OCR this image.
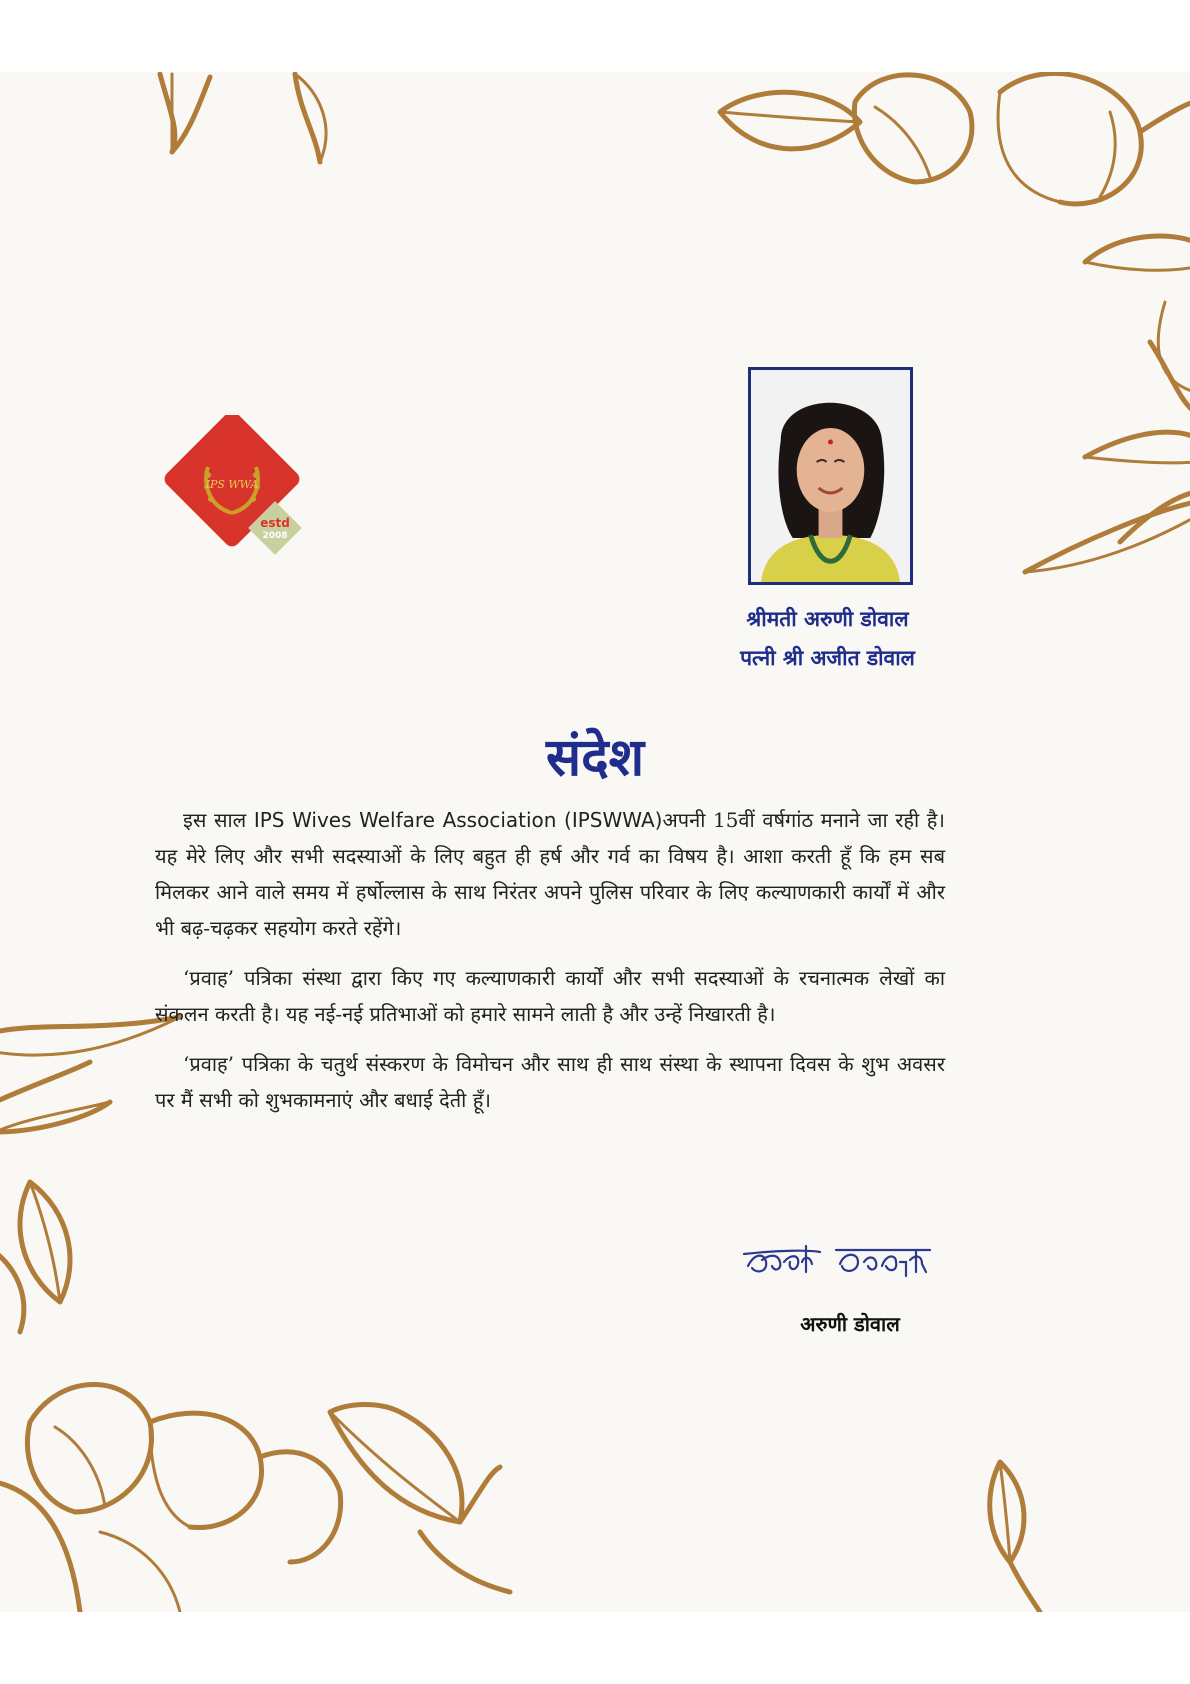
IPS WWA
estd
2008
श्रीमती अरुणी डोवाल
पत्नी श्री अजीत डोवाल
संदेश

इस साल IPS Wives Welfare Association (IPSWWA)अपनी 15वीं वर्षगांठ मनाने जा रही है। यह मेरे लिए और सभी सदस्याओं के लिए बहुत ही हर्ष और गर्व का विषय है। आशा करती हूँ कि हम सब मिलकर आने वाले समय में हर्षोल्लास के साथ निरंतर अपने पुलिस परिवार के लिए कल्याणकारी कार्यों में और भी बढ़-चढ़कर सहयोग करते रहेंगे।

‘प्रवाह’ पत्रिका संस्था द्वारा किए गए कल्याणकारी कार्यों और सभी सदस्याओं के रचनात्मक लेखों का संकलन करती है। यह नई-नई प्रतिभाओं को हमारे सामने लाती है और उन्हें निखारती है।

‘प्रवाह’ पत्रिका के चतुर्थ संस्करण के विमोचन और साथ ही साथ संस्था के स्थापना दिवस के शुभ अवसर पर मैं सभी को शुभकामनाएं और बधाई देती हूँ।

अरुणी डोवाल
